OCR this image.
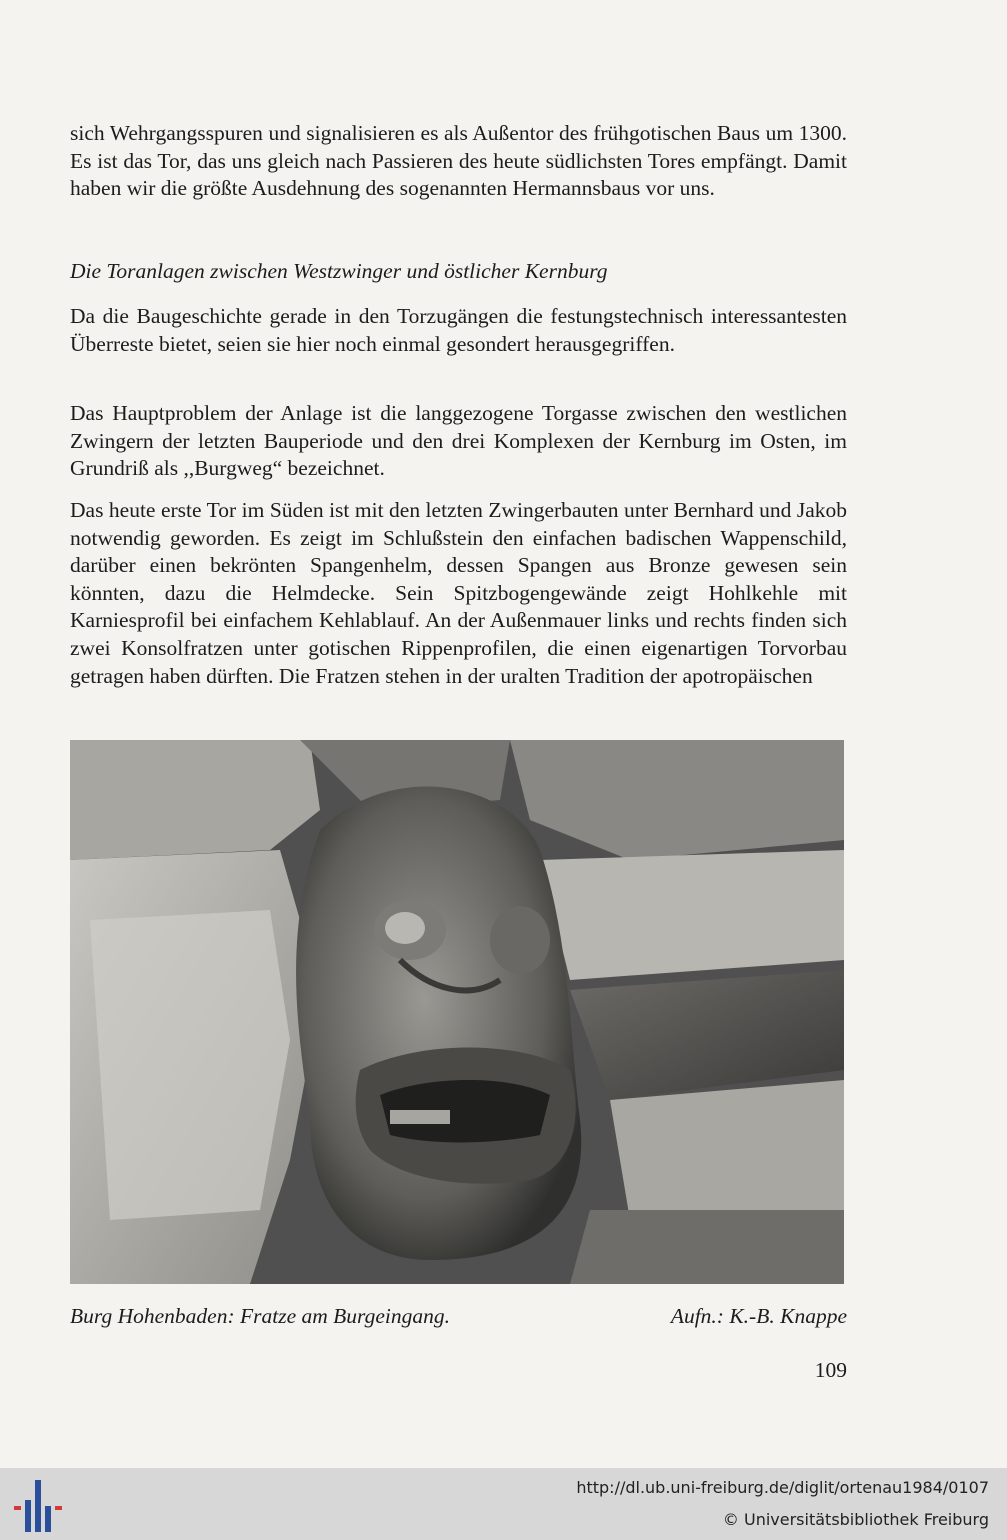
sich Wehrgangsspuren und signalisieren es als Außentor des frühgotischen Baus um 1300. Es ist das Tor, das uns gleich nach Passieren des heute südlichsten Tores empfängt. Damit haben wir die größte Ausdehnung des sogenannten Hermannsbaus vor uns.

Die Toranlagen zwischen Westzwinger und östlicher Kernburg

Da die Baugeschichte gerade in den Torzugängen die festungstechnisch interessantesten Überreste bietet, seien sie hier noch einmal gesondert herausgegriffen.

Das Hauptproblem der Anlage ist die langgezogene Torgasse zwischen den westlichen Zwingern der letzten Bauperiode und den drei Komplexen der Kernburg im Osten, im Grundriß als ,,Burgweg“ bezeichnet.

Das heute erste Tor im Süden ist mit den letzten Zwingerbauten unter Bernhard und Jakob notwendig geworden. Es zeigt im Schlußstein den einfachen badischen Wappenschild, darüber einen bekrönten Spangenhelm, dessen Spangen aus Bronze gewesen sein könnten, dazu die Helmdecke. Sein Spitzbogengewände zeigt Hohlkehle mit Karniesprofil bei einfachem Kehlablauf. An der Außenmauer links und rechts finden sich zwei Konsolfratzen unter gotischen Rippenprofilen, die einen eigenartigen Torvorbau getragen haben dürften. Die Fratzen stehen in der uralten Tradition der apotropäischen

Burg Hohenbaden: Fratze am Burgeingang.	Aufn.: K.-B. Knappe
109
http://dl.ub.uni-freiburg.de/diglit/ortenau1984/0107
© Universitätsbibliothek Freiburg
